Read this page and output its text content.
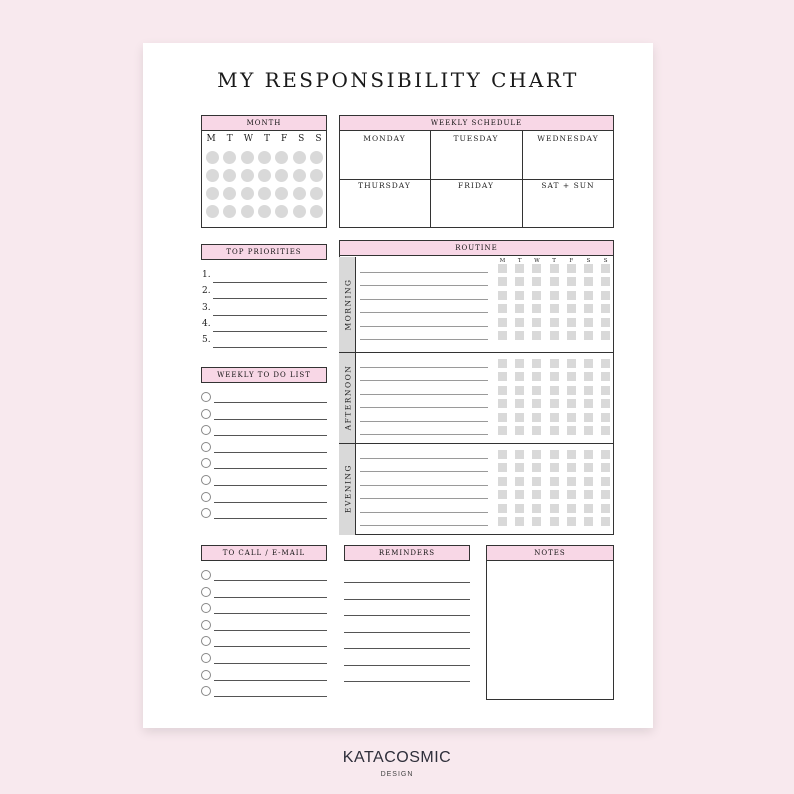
MY RESPONSIBILITY CHART
MONTH
M T W T F S S
WEEKLY SCHEDULE
MONDAY	TUESDAY	WEDNESDAY
THURSDAY	FRIDAY	SAT + SUN
TOP PRIORITIES
1.
2.
3.
4.
5.
WEEKLY TO DO LIST
ROUTINE
M	T	W	T	F	S	S
MORNING
AFTERNOON
EVENING
TO CALL / E-MAIL	REMINDERS	NOTES
KATACOSMIC
DESIGN
